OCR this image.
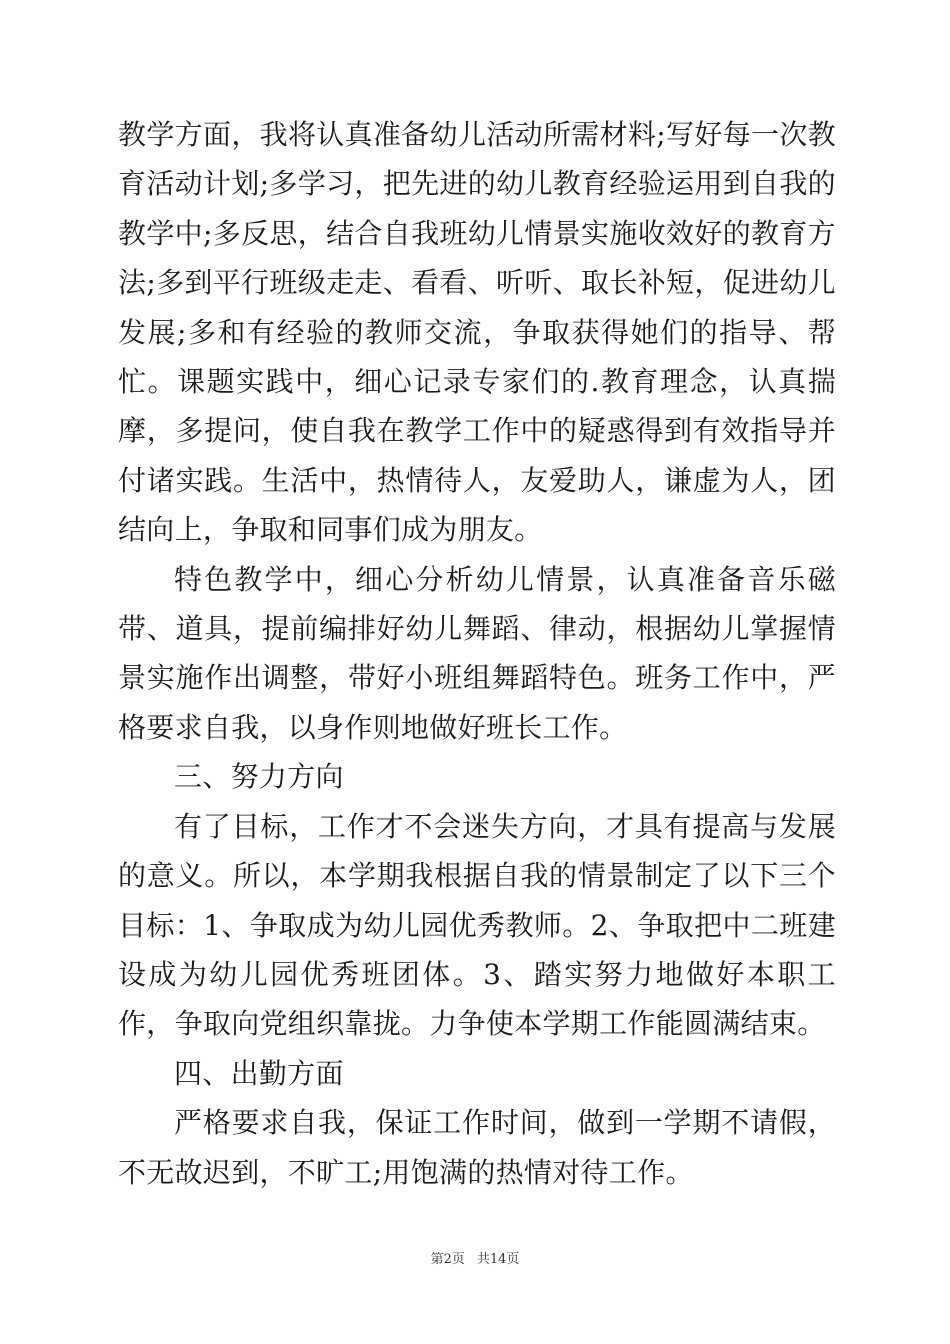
教学方面，我将认真准备幼儿活动所需材料;写好每一次教育活动计划;多学习，把先进的幼儿教育经验运用到自我的教学中;多反思，结合自我班幼儿情景实施收效好的教育方法;多到平行班级走走、看看、听听、取长补短，促进幼儿发展;多和有经验的教师交流，争取获得她们的指导、帮忙。课题实践中，细心记录专家们的.教育理念，认真揣摩，多提问，使自我在教学工作中的疑惑得到有效指导并付诸实践。生活中，热情待人，友爱助人，谦虚为人，团结向上，争取和同事们成为朋友。

特色教学中，细心分析幼儿情景，认真准备音乐磁带、道具，提前编排好幼儿舞蹈、律动，根据幼儿掌握情景实施作出调整，带好小班组舞蹈特色。班务工作中，严格要求自我，以身作则地做好班长工作。

三、努力方向

有了目标，工作才不会迷失方向，才具有提高与发展的意义。所以，本学期我根据自我的情景制定了以下三个目标：1、争取成为幼儿园优秀教师。2、争取把中二班建设成为幼儿园优秀班团体。3、踏实努力地做好本职工作，争取向党组织靠拢。力争使本学期工作能圆满结束。

四、出勤方面

严格要求自我，保证工作时间，做到一学期不请假，不无故迟到，不旷工;用饱满的热情对待工作。

第2页 共14页
